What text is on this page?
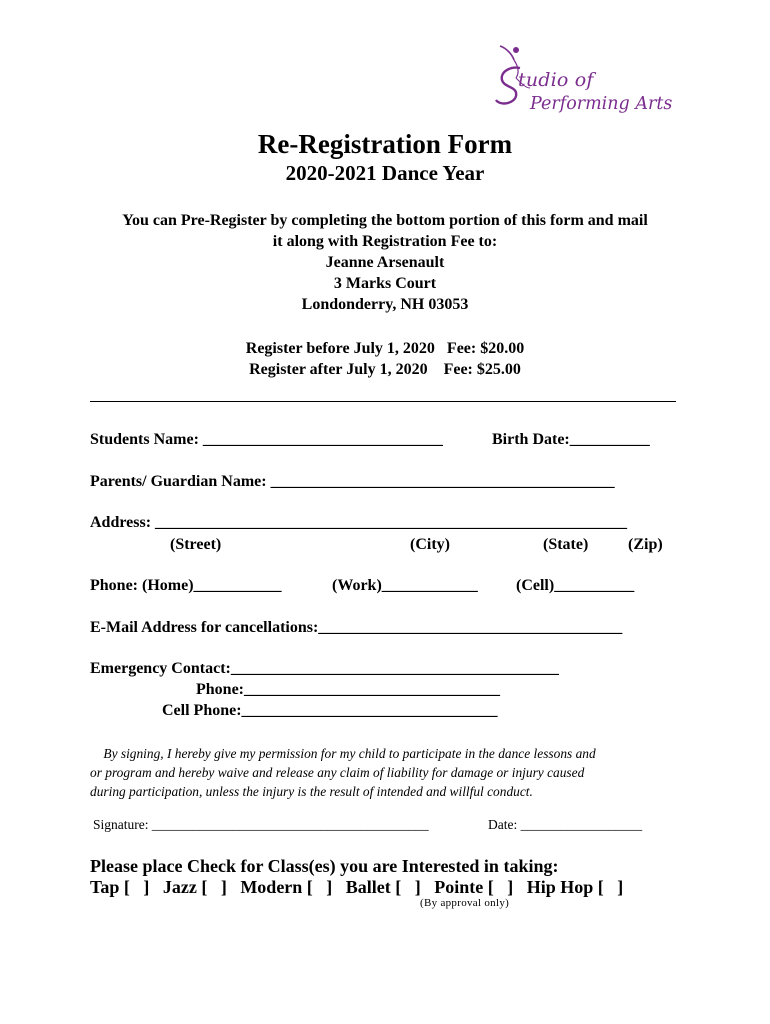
tudio of
Performing Arts
Re-Registration Form
2020-2021 Dance Year
You can Pre-Register by completing the bottom portion of this form and mail
it along with Registration Fee to:
Jeanne Arsenault
3 Marks Court
Londonderry, NH 03053
Register before July 1, 2020   Fee: $20.00
Register after July 1, 2020    Fee: $25.00
Students Name: ______________________________	Birth Date:__________
Parents/ Guardian Name: ___________________________________________
Address: ___________________________________________________________
(Street)	(City)	(State) (Zip)
Phone: (Home)___________	(Work)____________ (Cell)__________
E-Mail Address for cancellations:______________________________________
Emergency Contact:_________________________________________
Phone:________________________________
Cell Phone:________________________________
By signing, I hereby give my permission for my child to participate in the dance lessons and
or program and hereby waive and release any claim of liability for damage or injury caused
during participation, unless the injury is the result of intended and willful conduct.
Signature: _________________________________________	Date: __________________
Please place Check for Class(es) you are Interested in taking:
Tap [   ]   Jazz [   ]   Modern [   ]   Ballet [   ]   Pointe [   ]   Hip Hop [   ]
(By approval only)
